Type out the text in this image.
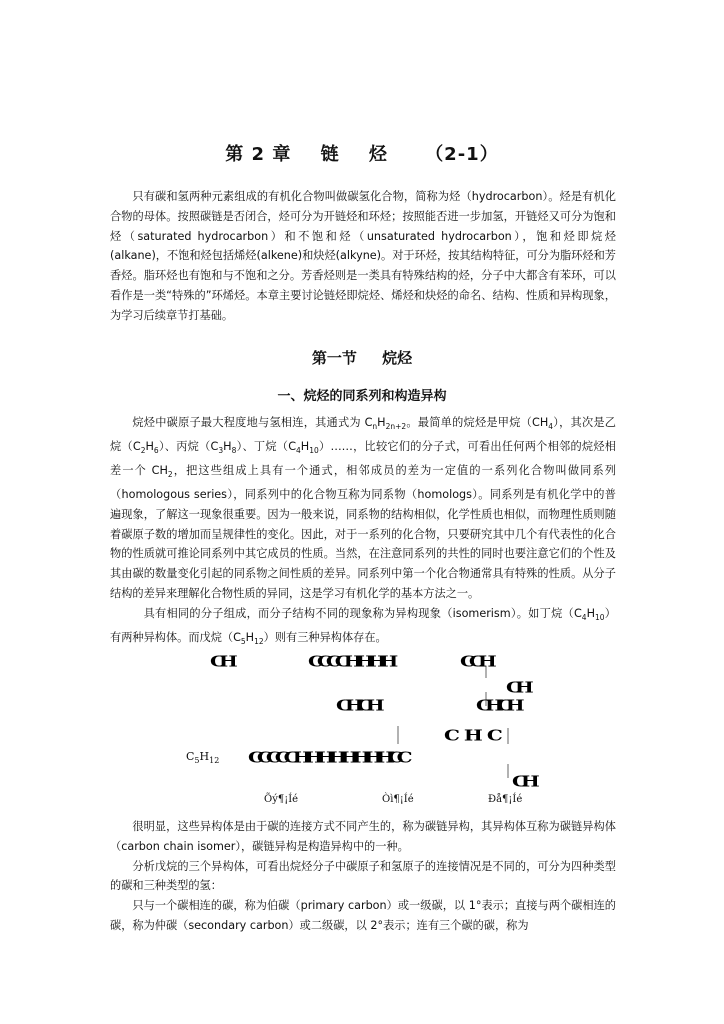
第 2 章 链 烃 （2-1）

只有碳和氢两种元素组成的有机化合物叫做碳氢化合物，简称为烃（hydrocarbon）。烃是有机化合物的母体。按照碳链是否闭合，烃可分为开链烃和环烃；按照能否进一步加氢，开链烃又可分为饱和烃（saturated hydrocarbon）和不饱和烃（unsaturated hydrocarbon），饱和烃即烷烃(alkane)，不饱和烃包括烯烃(alkene)和炔烃(alkyne)。对于环烃，按其结构特征，可分为脂环烃和芳香烃。脂环烃也有饱和与不饱和之分。芳香烃则是一类具有特殊结构的烃，分子中大都含有苯环，可以看作是一类“特殊的”环烯烃。本章主要讨论链烃即烷烃、烯烃和炔烃的命名、结构、性质和异构现象，为学习后续章节打基础。

第一节 烷烃
一、烷烃的同系列和构造异构

烷烃中碳原子最大程度地与氢相连，其通式为 $C_nH_{2n+2}$。最简单的烷烃是甲烷$(CH_4)$，其次是乙烷$(C_2H_6)$、丙烷$(C_3H_8)$、丁烷$(C_4H_{10})\dots\dots$，比较它们的分子式，可看出任何两个相邻的烷烃相差一个 $CH_2$，把这些组成上具有一个通式，相邻成员的差为一定值的一系列化合物叫做同系列（homologous series），同系列中的化合物互称为同系物（homologs）。同系列是有机化学中的普遍现象，了解这一现象很重要。因为一般来说，同系物的结构相似，化学性质也相似，而物理性质则随着碳原子数的增加而呈规律性的变化。因此，对于一系列的化合物，只要研究其中几个有代表性的化合物的性质就可推论同系列中其它成员的性质。当然，在注意同系列的共性的同时也要注意它们的个性及其由碳的数量变化引起的同系物之间性质的差异。同系列中第一个化合物通常具有特殊的性质。从分子结构的差异来理解化合物性质的异同，这是学习有机化学的基本方法之一。

具有相同的分子组成，而分子结构不同的现象称为异构现象（isomerism）。如丁烷$(C_4H_{10})$有两种异构体。而戊烷$(C_5H_{12})$则有三种异构体存在。

CH	CCCCHHHH	CCH
CH
CHCH	CHCH
CHC
$C_5H_{12}$ CCCCCHHHHHHHHCC
CH
Õý¶¡Íé	Òì¶¡Íé	Ðå¶¡Íé

很明显，这些异构体是由于碳的连接方式不同产生的，称为碳链异构，其异构体互称为碳链异构体（carbon chain isomer），碳链异构是构造异构中的一种。

分析戊烷的三个异构体，可看出烷烃分子中碳原子和氢原子的连接情况是不同的，可分为四种类型的碳和三种类型的氢：

只与一个碳相连的碳，称为伯碳（primary carbon）或一级碳，以 1°表示；直接与两个碳相连的碳，称为仲碳（secondary carbon）或二级碳，以 2°表示；连有三个碳的碳，称为
